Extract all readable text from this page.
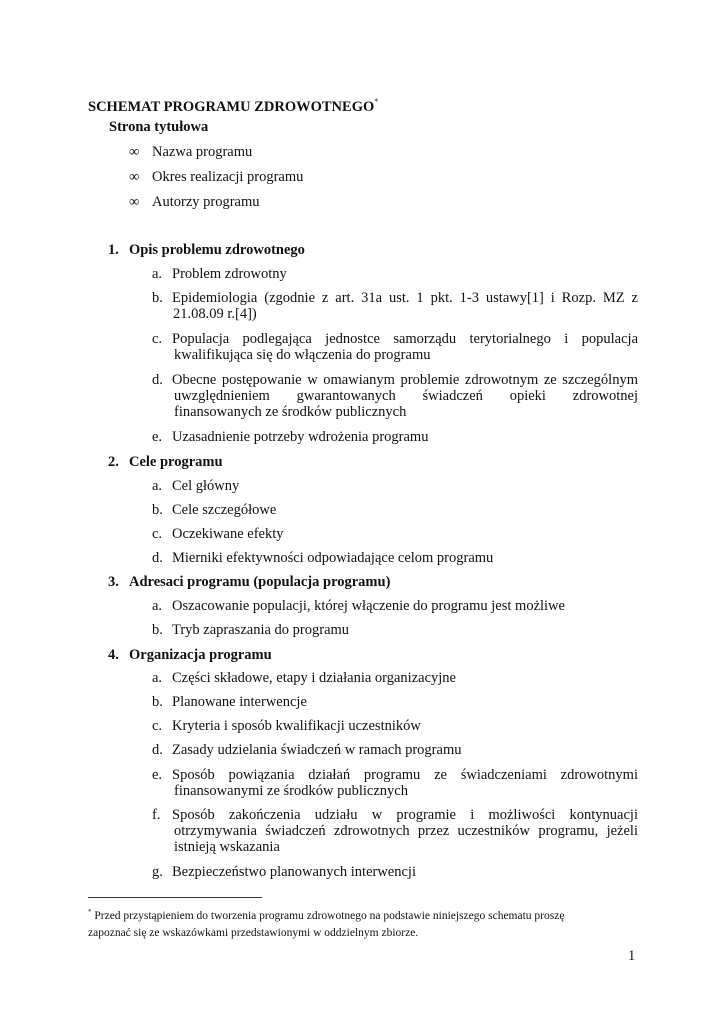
SCHEMAT PROGRAMU ZDROWOTNEGO*
Strona tytułowa
∞ Nazwa programu
∞ Okres realizacji programu
∞ Autorzy programu
1. Opis problemu zdrowotnego
a. Problem zdrowotny
b. Epidemiologia (zgodnie z art. 31a ust. 1 pkt. 1-3 ustawy[1] i Rozp. MZ z
21.08.09 r.[4])
c. Populacja podlegająca jednostce samorządu terytorialnego i populacja
kwalifikująca się do włączenia do programu
d. Obecne postępowanie w omawianym problemie zdrowotnym ze szczególnym
uwzględnieniem gwarantowanych świadczeń opieki zdrowotnej
finansowanych ze środków publicznych
e. Uzasadnienie potrzeby wdrożenia programu
2. Cele programu
a. Cel główny
b. Cele szczegółowe
c. Oczekiwane efekty
d. Mierniki efektywności odpowiadające celom programu
3. Adresaci programu (populacja programu)
a. Oszacowanie populacji, której włączenie do programu jest możliwe
b. Tryb zapraszania do programu
4. Organizacja programu
a. Części składowe, etapy i działania organizacyjne
b. Planowane interwencje
c. Kryteria i sposób kwalifikacji uczestników
d. Zasady udzielania świadczeń w ramach programu
e. Sposób powiązania działań programu ze świadczeniami zdrowotnymi
finansowanymi ze środków publicznych
f. Sposób zakończenia udziału w programie i możliwości kontynuacji
otrzymywania świadczeń zdrowotnych przez uczestników programu, jeżeli
istnieją wskazania
g. Bezpieczeństwo planowanych interwencji
* Przed przystąpieniem do tworzenia programu zdrowotnego na podstawie niniejszego schematu proszę zapoznać się ze wskazówkami przedstawionymi w oddzielnym zbiorze.
1
